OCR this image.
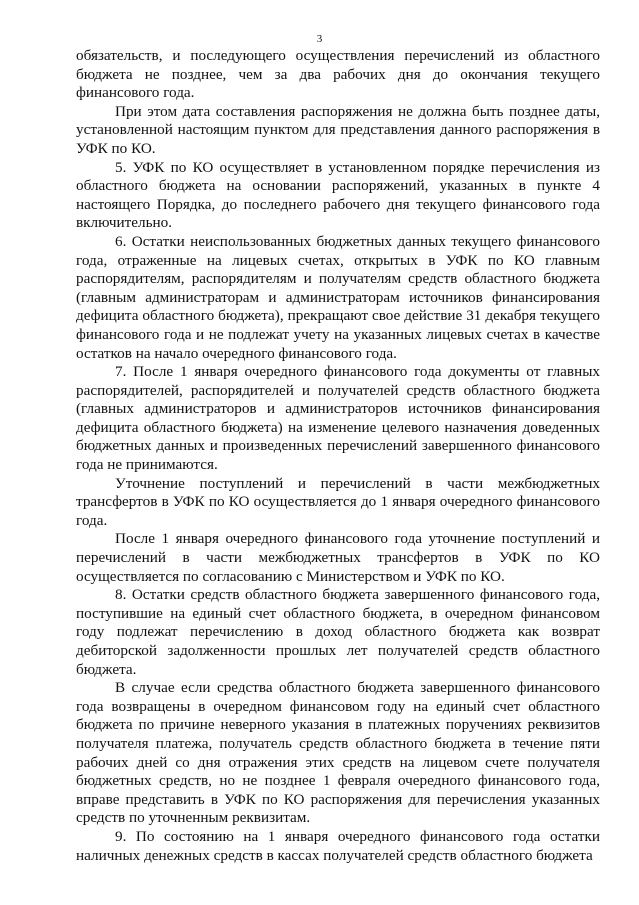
3

обязательств, и последующего осуществления перечислений из областного бюджета не позднее, чем за два рабочих дня до окончания текущего финансового года.

При этом дата составления распоряжения не должна быть позднее даты, установленной настоящим пунктом для представления данного распоряжения в УФК по КО.

5. УФК по КО осуществляет в установленном порядке перечисления из областного бюджета на основании распоряжений, указанных в пункте 4 настоящего Порядка, до последнего рабочего дня текущего финансового года включительно.

6. Остатки неиспользованных бюджетных данных текущего финансового года, отраженные на лицевых счетах, открытых в УФК по КО главным распорядителям, распорядителям и получателям средств областного бюджета (главным администраторам и администраторам источников финансирования дефицита областного бюджета), прекращают свое действие 31 декабря текущего финансового года и не подлежат учету на указанных лицевых счетах в качестве остатков на начало очередного финансового года.

7. После 1 января очередного финансового года документы от главных распорядителей, распорядителей и получателей средств областного бюджета (главных администраторов и администраторов источников финансирования дефицита областного бюджета) на изменение целевого назначения доведенных бюджетных данных и произведенных перечислений завершенного финансового года не принимаются.

Уточнение поступлений и перечислений в части межбюджетных трансфертов в УФК по КО осуществляется до 1 января очередного финансового года.

После 1 января очередного финансового года уточнение поступлений и перечислений в части межбюджетных трансфертов в УФК по КО осуществляется по согласованию с Министерством и УФК по КО.

8. Остатки средств областного бюджета завершенного финансового года, поступившие на единый счет областного бюджета, в очередном финансовом году подлежат перечислению в доход областного бюджета как возврат дебиторской задолженности прошлых лет получателей средств областного бюджета.

В случае если средства областного бюджета завершенного финансового года возвращены в очередном финансовом году на единый счет областного бюджета по причине неверного указания в платежных поручениях реквизитов получателя платежа, получатель средств областного бюджета в течение пяти рабочих дней со дня отражения этих средств на лицевом счете получателя бюджетных средств, но не позднее 1 февраля очередного финансового года, вправе представить в УФК по КО распоряжения для перечисления указанных средств по уточненным реквизитам.

9. По состоянию на 1 января очередного финансового года остатки наличных денежных средств в кассах получателей средств областного бюджета
